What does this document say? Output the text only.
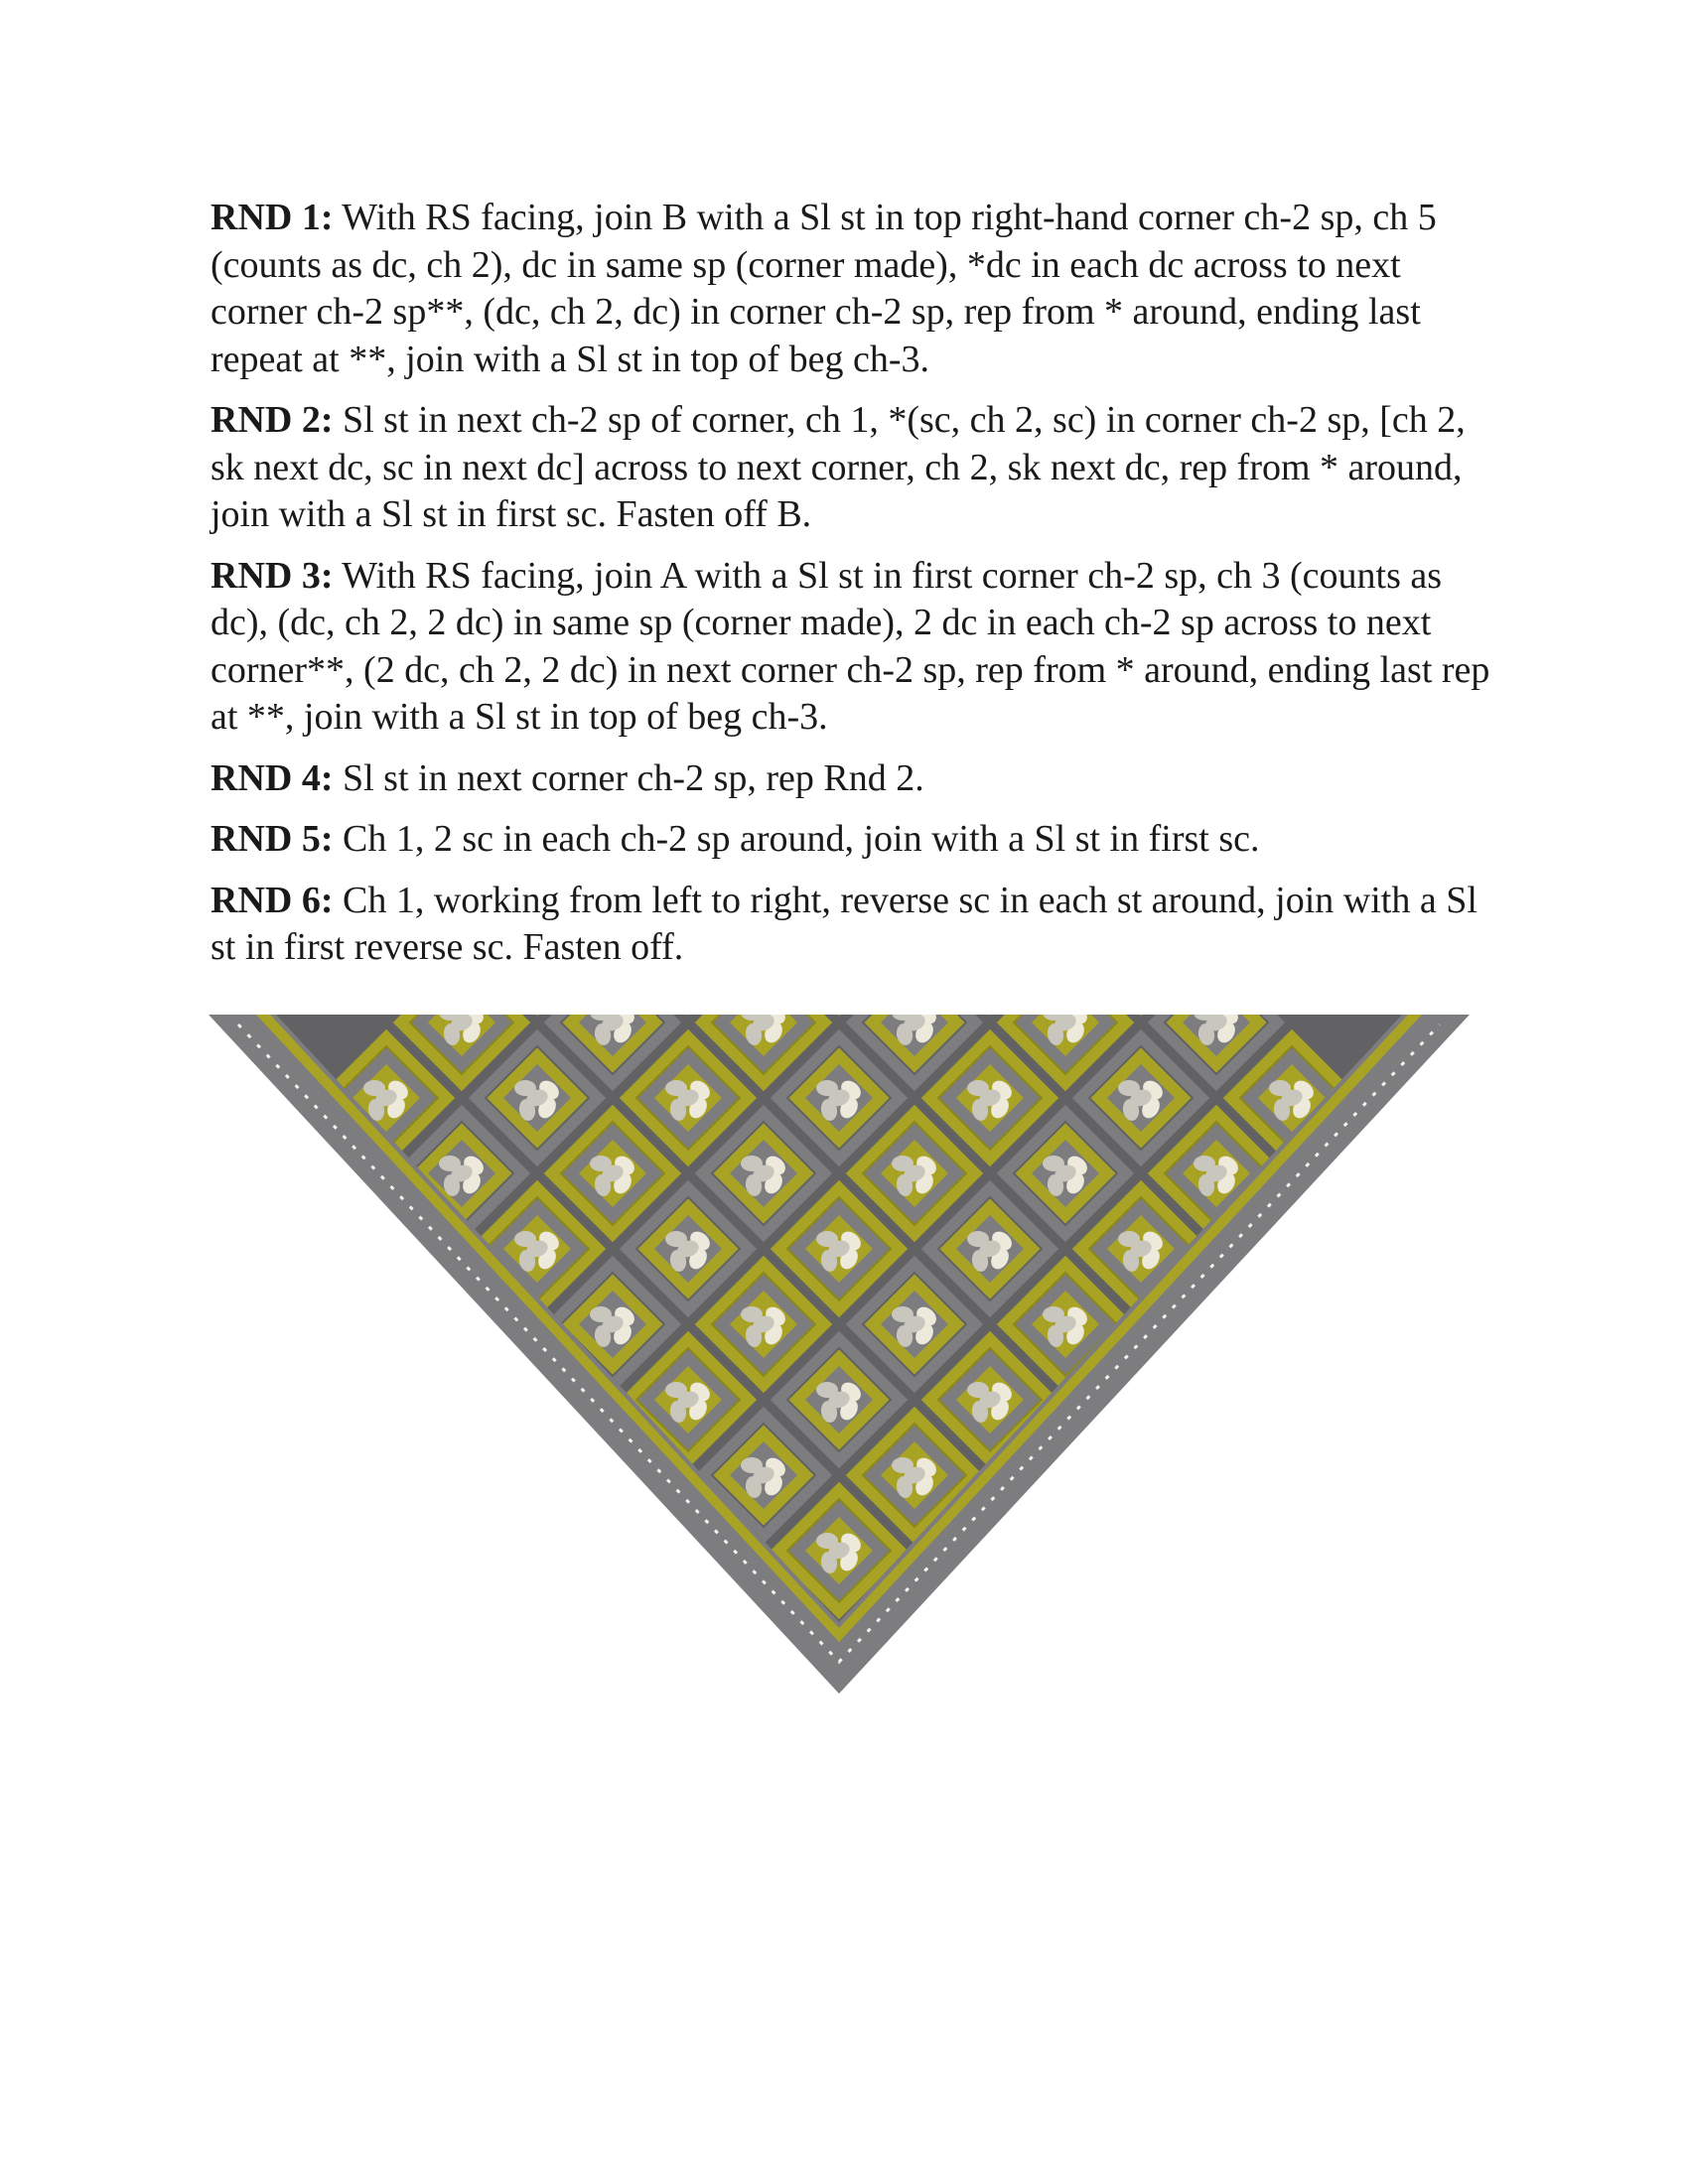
RND 1: With RS facing, join B with a Sl st in top right-hand corner ch-2 sp, ch 5 (counts as dc, ch 2), dc in same sp (corner made), *dc in each dc across to next corner ch-2 sp**, (dc, ch 2, dc) in corner ch-2 sp, rep from * around, ending last repeat at **, join with a Sl st in top of beg ch-3.

RND 2: Sl st in next ch-2 sp of corner, ch 1, *(sc, ch 2, sc) in corner ch-2 sp, [ch 2, sk next dc, sc in next dc] across to next corner, ch 2, sk next dc, rep from * around, join with a Sl st in first sc. Fasten off B.

RND 3: With RS facing, join A with a Sl st in first corner ch-2 sp, ch 3 (counts as dc), (dc, ch 2, 2 dc) in same sp (corner made), 2 dc in each ch-2 sp across to next corner**, (2 dc, ch 2, 2 dc) in next corner ch-2 sp, rep from * around, ending last rep at **, join with a Sl st in top of beg ch-3.

RND 4: Sl st in next corner ch-2 sp, rep Rnd 2.

RND 5: Ch 1, 2 sc in each ch-2 sp around, join with a Sl st in first sc.

RND 6: Ch 1, working from left to right, reverse sc in each st around, join with a Sl st in first reverse sc. Fasten off.
